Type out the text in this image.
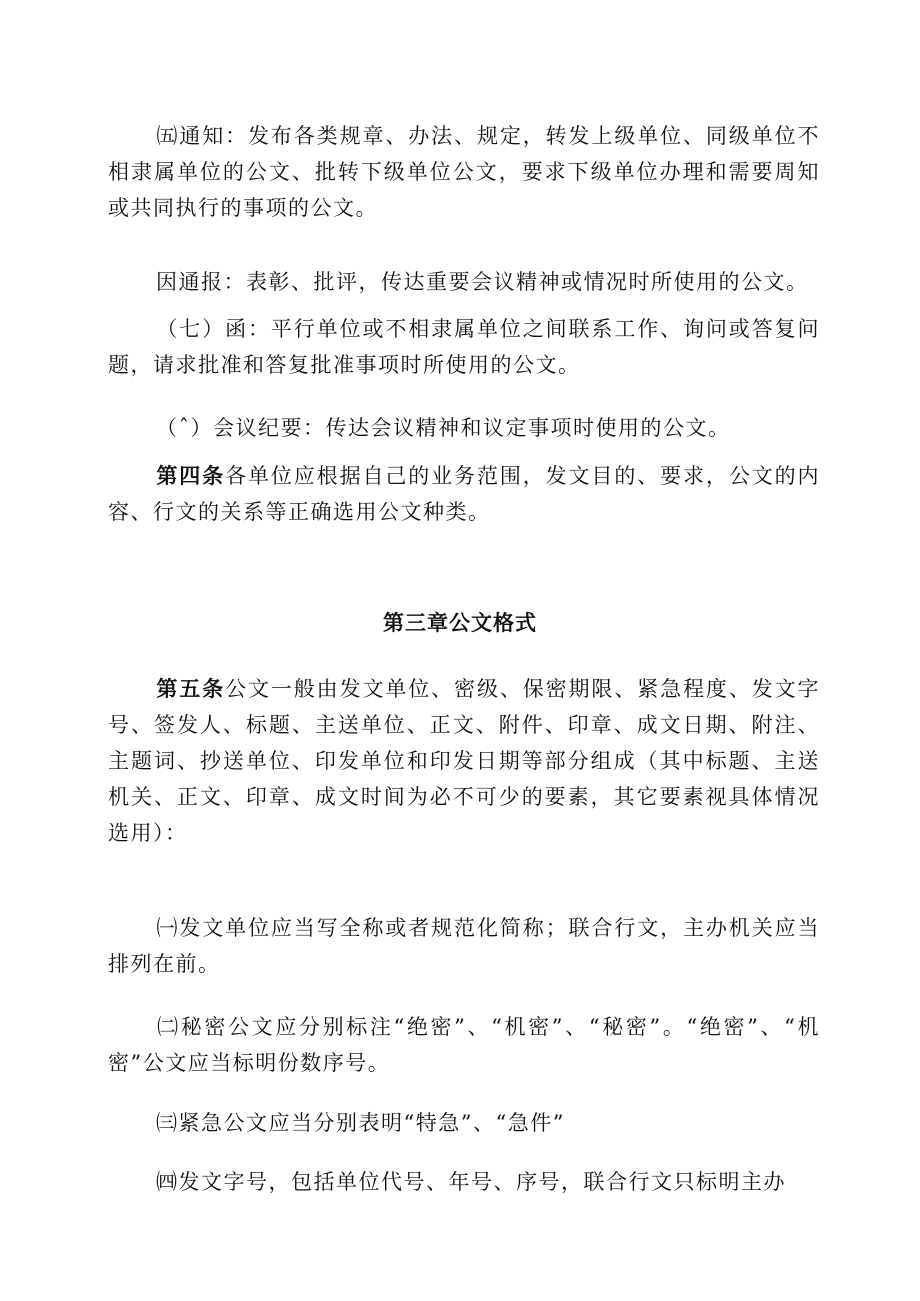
㈤通知：发布各类规章、办法、规定，转发上级单位、同级单位不相隶属单位的公文、批转下级单位公文，要求下级单位办理和需要周知或共同执行的事项的公文。

因通报：表彰、批评，传达重要会议精神或情况时所使用的公文。

（七）函：平行单位或不相隶属单位之间联系工作、询问或答复问题，请求批准和答复批准事项时所使用的公文。

（ˆ）会议纪要：传达会议精神和议定事项时使用的公文。

第四条各单位应根据自己的业务范围，发文目的、要求，公文的内容、行文的关系等正确选用公文种类。

第三章公文格式

第五条公文一般由发文单位、密级、保密期限、紧急程度、发文字号、签发人、标题、主送单位、正文、附件、印章、成文日期、附注、主题词、抄送单位、印发单位和印发日期等部分组成（其中标题、主送机关、正文、印章、成文时间为必不可少的要素，其它要素视具体情况选用）：

㈠发文单位应当写全称或者规范化简称；联合行文，主办机关应当排列在前。

㈡秘密公文应分别标注“绝密”、“机密”、“秘密”。“绝密”、“机密”公文应当标明份数序号。

㈢紧急公文应当分别表明“特急”、“急件”

㈣发文字号，包括单位代号、年号、序号，联合行文只标明主办
